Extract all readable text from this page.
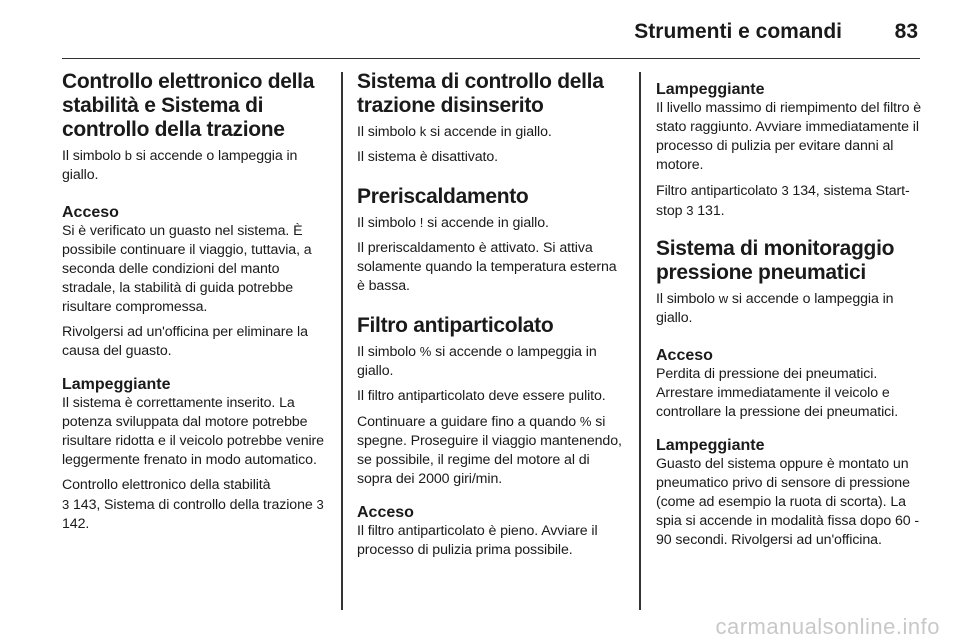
Strumenti e comandi	83
Controllo elettronico della stabilità e Sistema di controllo della trazione

Il simbolo b si accende o lampeggia in giallo.

Acceso

Si è verificato un guasto nel sistema. È possibile continuare il viaggio, tuttavia, a seconda delle condizioni del manto stradale, la stabilità di guida potrebbe risultare compromessa.

Rivolgersi ad un'officina per eliminare la causa del guasto.

Lampeggiante

Il sistema è correttamente inserito. La potenza sviluppata dal motore potrebbe risultare ridotta e il veicolo potrebbe venire leggermente frenato in modo automatico.

Controllo elettronico della stabilità
3 143, Sistema di controllo della trazione 3 142.

Sistema di controllo della trazione disinserito

Il simbolo k si accende in giallo.

Il sistema è disattivato.

Preriscaldamento

Il simbolo ! si accende in giallo.

Il preriscaldamento è attivato. Si attiva solamente quando la temperatura esterna è bassa.

Filtro antiparticolato

Il simbolo % si accende o lampeggia in giallo.

Il filtro antiparticolato deve essere pulito.

Continuare a guidare fino a quando % si spegne. Proseguire il viaggio mantenendo, se possibile, il regime del motore al di sopra dei 2000 giri/min.

Acceso

Il filtro antiparticolato è pieno. Avviare il processo di pulizia prima possibile.

Lampeggiante

Il livello massimo di riempimento del filtro è stato raggiunto. Avviare immediatamente il processo di pulizia per evitare danni al motore.

Filtro antiparticolato 3 134, sistema Start-stop 3 131.

Sistema di monitoraggio pressione pneumatici

Il simbolo w si accende o lampeggia in giallo.

Acceso

Perdita di pressione dei pneumatici. Arrestare immediatamente il veicolo e controllare la pressione dei pneumatici.

Lampeggiante

Guasto del sistema oppure è montato un pneumatico privo di sensore di pressione (come ad esempio la ruota di scorta). La spia si accende in modalità fissa dopo 60 - 90 secondi. Rivolgersi ad un'officina.

carmanualsonline.info
